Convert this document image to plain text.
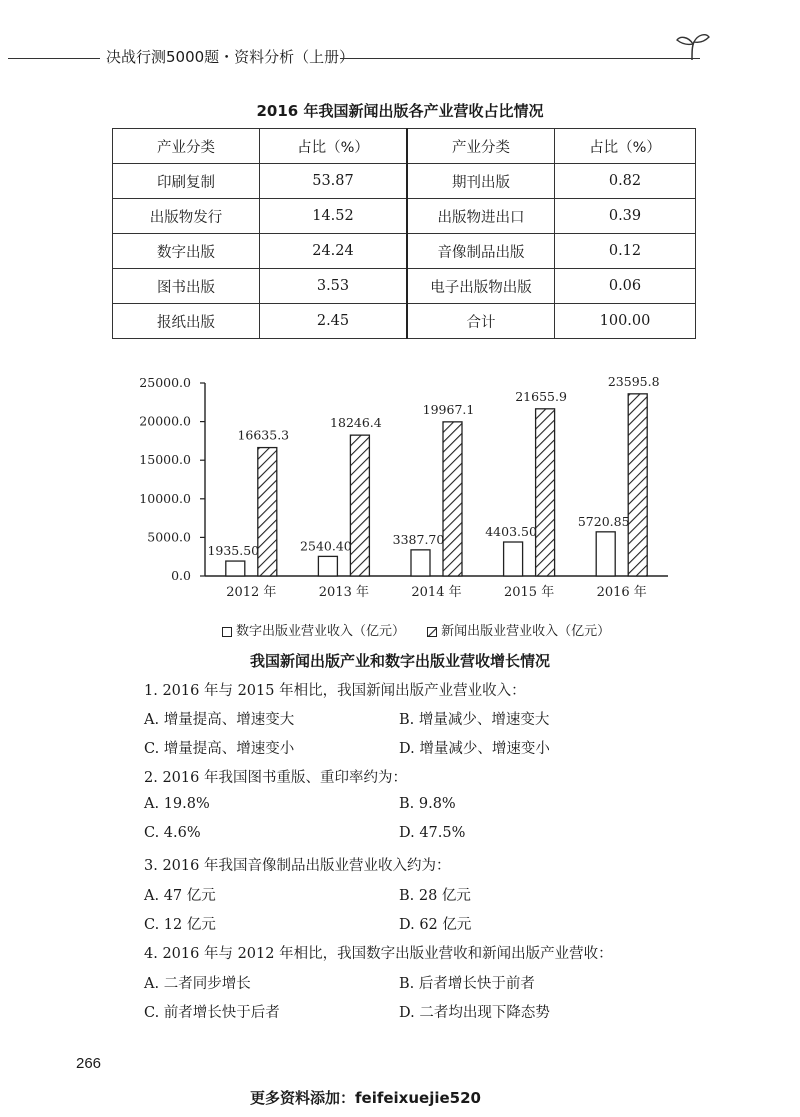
决战行测5000题・资料分析（上册）
2016 年我国新闻出版各产业营收占比情况
产业分类	占比（%）	产业分类	占比（%）
印刷复制	53.87	期刊出版	0.82
出版物发行	14.52	出版物进出口	0.39
数字出版	24.24	音像制品出版	0.12
图书出版	3.53	电子出版物出版	0.06
报纸出版	2.45	合计	100.00
0.0
5000.0
10000.0
15000.0
20000.0
25000.0
1935.50
16635.3
2012 年
2540.40
18246.4
2013 年
3387.70
19967.1
2014 年
4403.50
21655.9
2015 年
5720.85
23595.8
2016 年
数字出版业营业收入（亿元）	新闻出版业营业收入（亿元）
我国新闻出版产业和数字出版业营收增长情况
1. 2016 年与 2015 年相比，我国新闻出版产业营业收入：
A. 增量提高、增速变大	B. 增量减少、增速变大
C. 增量提高、增速变小	D. 增量减少、增速变小
2. 2016 年我国图书重版、重印率约为：
A. 19.8%	B. 9.8%
C. 4.6%	D. 47.5%
3. 2016 年我国音像制品出版业营业收入约为：
A. 47 亿元	B. 28 亿元
C. 12 亿元	D. 62 亿元
4. 2016 年与 2012 年相比，我国数字出版业营收和新闻出版产业营收：
A. 二者同步增长	B. 后者增长快于前者
C. 前者增长快于后者	D. 二者均出现下降态势
266
更多资料添加：feifeixuejie520
